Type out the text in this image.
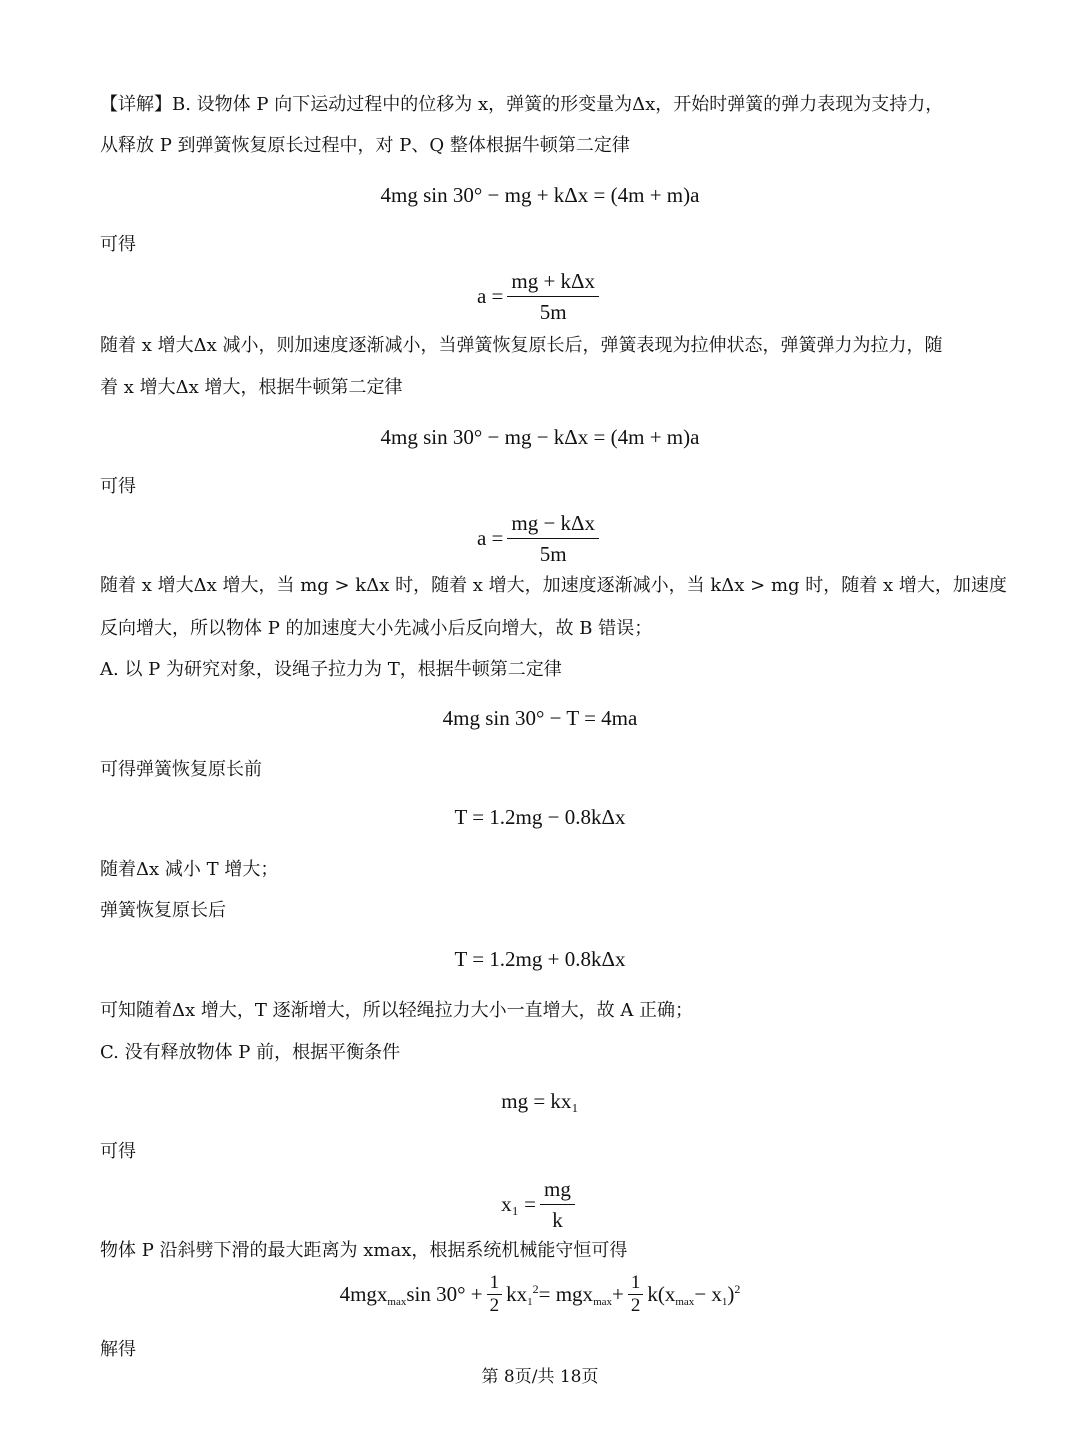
【详解】B. 设物体 P 向下运动过程中的位移为 x，弹簧的形变量为Δx，开始时弹簧的弹力表现为支持力，
从释放 P 到弹簧恢复原长过程中，对 P、Q 整体根据牛顿第二定律
4mg sin 30° − mg + kΔx = (4m + m)a
可得
$a = \frac{\text{mg + kΔx}}{5m}$
随着 x 增大Δx 减小，则加速度逐渐减小，当弹簧恢复原长后，弹簧表现为拉伸状态，弹簧弹力为拉力，随
着 x 增大Δx 增大，根据牛顿第二定律
4mg sin 30° − mg − kΔx = (4m + m)a
可得
$a = \frac{\text{mg − kΔx}}{5m}$
随着 x 增大Δx 增大，当 mg > kΔx 时，随着 x 增大，加速度逐渐减小，当 kΔx > mg 时，随着 x 增大，加速度
反向增大，所以物体 P 的加速度大小先减小后反向增大，故 B 错误；
A. 以 P 为研究对象，设绳子拉力为 T，根据牛顿第二定律
4mg sin 30° − T = 4ma
可得弹簧恢复原长前
T = 1.2mg − 0.8kΔx
随着Δx 减小 T 增大；
弹簧恢复原长后
T = 1.2mg + 0.8kΔx
可知随着Δx 增大，T 逐渐增大，所以轻绳拉力大小一直增大，故 A 正确；
C. 没有释放物体 P 前，根据平衡条件
mg = kx₁
可得
$x_1 = \frac{mg}{k}$
物体 P 沿斜劈下滑的最大距离为 xmax，根据系统机械能守恒可得
4mgx$_{max}$ $\sin 30^\circ + \frac{1}{2} kx_1^2 = mgx_{max} + \frac{1}{2} k(x_{max} - x_1$ )$^2$
解得
第 8页/共 18页
